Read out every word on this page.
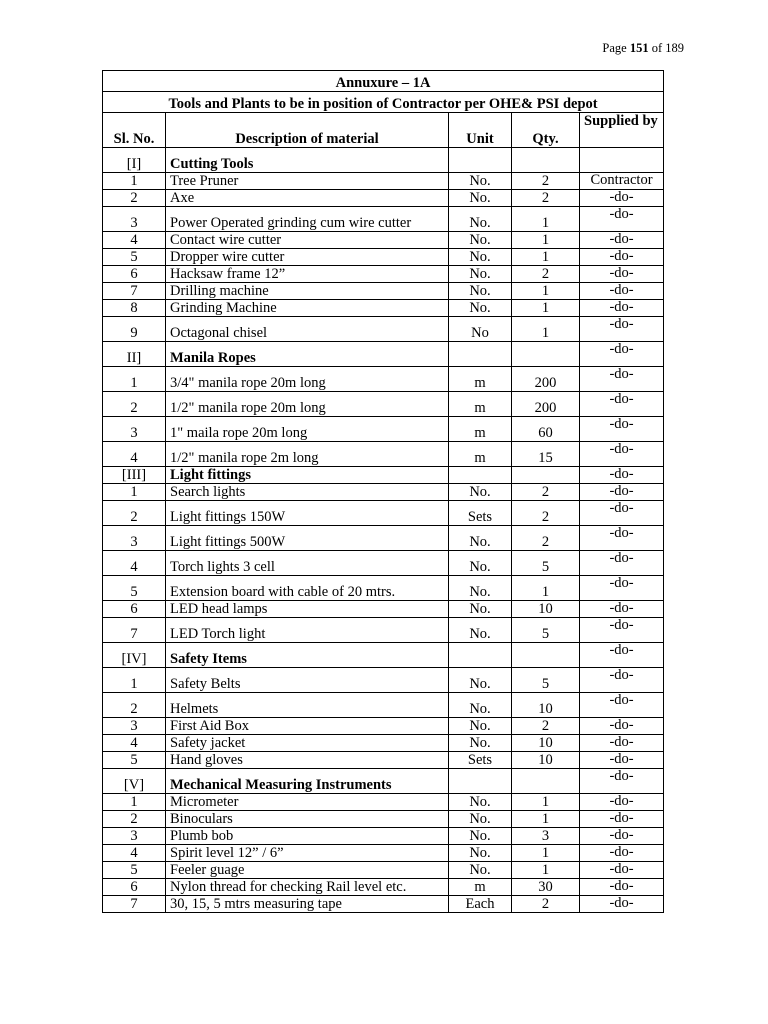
Page 151 of 189
Annuxure – 1A				
Tools and Plants to be in position of Contractor per OHE& PSI depot				
Sl. No.	Description of material	Unit	Qty.	Supplied by
[I]	Cutting Tools			
1	Tree Pruner	No.	2	Contractor
2	Axe	No.	2	-do-
3	Power Operated grinding cum wire cutter	No.	1	-do-
4	Contact wire cutter	No.	1	-do-
5	Dropper wire cutter	No.	1	-do-
6	Hacksaw frame 12”	No.	2	-do-
7	Drilling machine	No.	1	-do-
8	Grinding Machine	No.	1	-do-
9	Octagonal chisel	No	1	-do-
II]	Manila Ropes			-do-
1	3/4" manila rope 20m long	m	200	-do-
2	1/2" manila rope 20m long	m	200	-do-
3	1" maila rope 20m long	m	60	-do-
4	1/2" manila rope 2m long	m	15	-do-
[III]	Light fittings			-do-
1	Search lights	No.	2	-do-
2	Light fittings 150W	Sets	2	-do-
3	Light fittings 500W	No.	2	-do-
4	Torch lights 3 cell	No.	5	-do-
5	Extension board with cable of 20 mtrs.	No.	1	-do-
6	LED head lamps	No.	10	-do-
7	LED Torch light	No.	5	-do-
[IV]	Safety Items			-do-
1	Safety Belts	No.	5	-do-
2	Helmets	No.	10	-do-
3	First Aid Box	No.	2	-do-
4	Safety jacket	No.	10	-do-
5	Hand gloves	Sets	10	-do-
[V]	Mechanical Measuring Instruments			-do-
1	Micrometer	No.	1	-do-
2	Binoculars	No.	1	-do-
3	Plumb bob	No.	3	-do-
4	Spirit level 12” / 6”	No.	1	-do-
5	Feeler guage	No.	1	-do-
6	Nylon thread for checking Rail level etc.	m	30	-do-
7	30, 15, 5 mtrs measuring tape	Each	2	-do-
